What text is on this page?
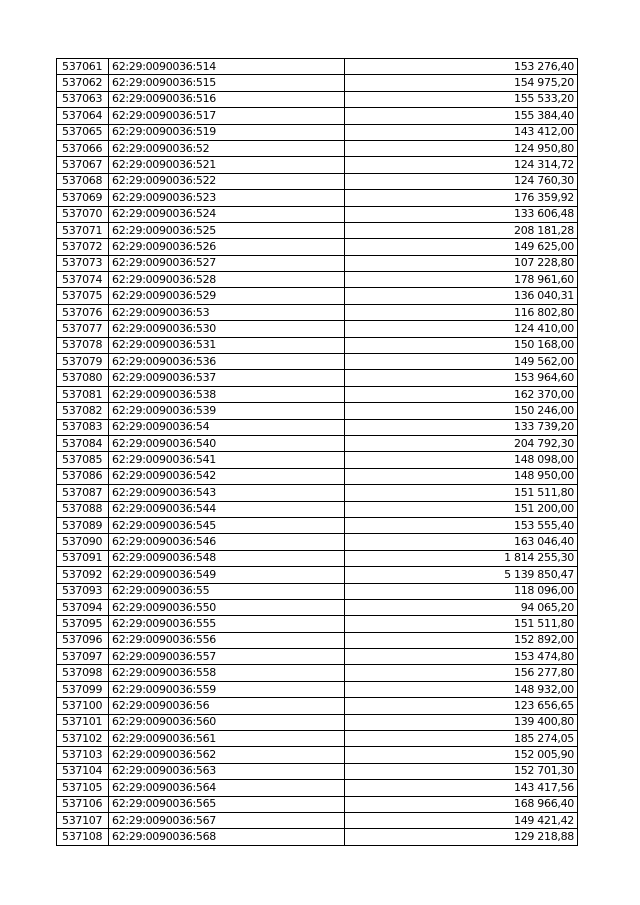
537061	62:29:0090036:514	153 276,40
537062	62:29:0090036:515	154 975,20
537063	62:29:0090036:516	155 533,20
537064	62:29:0090036:517	155 384,40
537065	62:29:0090036:519	143 412,00
537066	62:29:0090036:52	124 950,80
537067	62:29:0090036:521	124 314,72
537068	62:29:0090036:522	124 760,30
537069	62:29:0090036:523	176 359,92
537070	62:29:0090036:524	133 606,48
537071	62:29:0090036:525	208 181,28
537072	62:29:0090036:526	149 625,00
537073	62:29:0090036:527	107 228,80
537074	62:29:0090036:528	178 961,60
537075	62:29:0090036:529	136 040,31
537076	62:29:0090036:53	116 802,80
537077	62:29:0090036:530	124 410,00
537078	62:29:0090036:531	150 168,00
537079	62:29:0090036:536	149 562,00
537080	62:29:0090036:537	153 964,60
537081	62:29:0090036:538	162 370,00
537082	62:29:0090036:539	150 246,00
537083	62:29:0090036:54	133 739,20
537084	62:29:0090036:540	204 792,30
537085	62:29:0090036:541	148 098,00
537086	62:29:0090036:542	148 950,00
537087	62:29:0090036:543	151 511,80
537088	62:29:0090036:544	151 200,00
537089	62:29:0090036:545	153 555,40
537090	62:29:0090036:546	163 046,40
537091	62:29:0090036:548	1 814 255,30
537092	62:29:0090036:549	5 139 850,47
537093	62:29:0090036:55	118 096,00
537094	62:29:0090036:550	94 065,20
537095	62:29:0090036:555	151 511,80
537096	62:29:0090036:556	152 892,00
537097	62:29:0090036:557	153 474,80
537098	62:29:0090036:558	156 277,80
537099	62:29:0090036:559	148 932,00
537100	62:29:0090036:56	123 656,65
537101	62:29:0090036:560	139 400,80
537102	62:29:0090036:561	185 274,05
537103	62:29:0090036:562	152 005,90
537104	62:29:0090036:563	152 701,30
537105	62:29:0090036:564	143 417,56
537106	62:29:0090036:565	168 966,40
537107	62:29:0090036:567	149 421,42
537108	62:29:0090036:568	129 218,88
